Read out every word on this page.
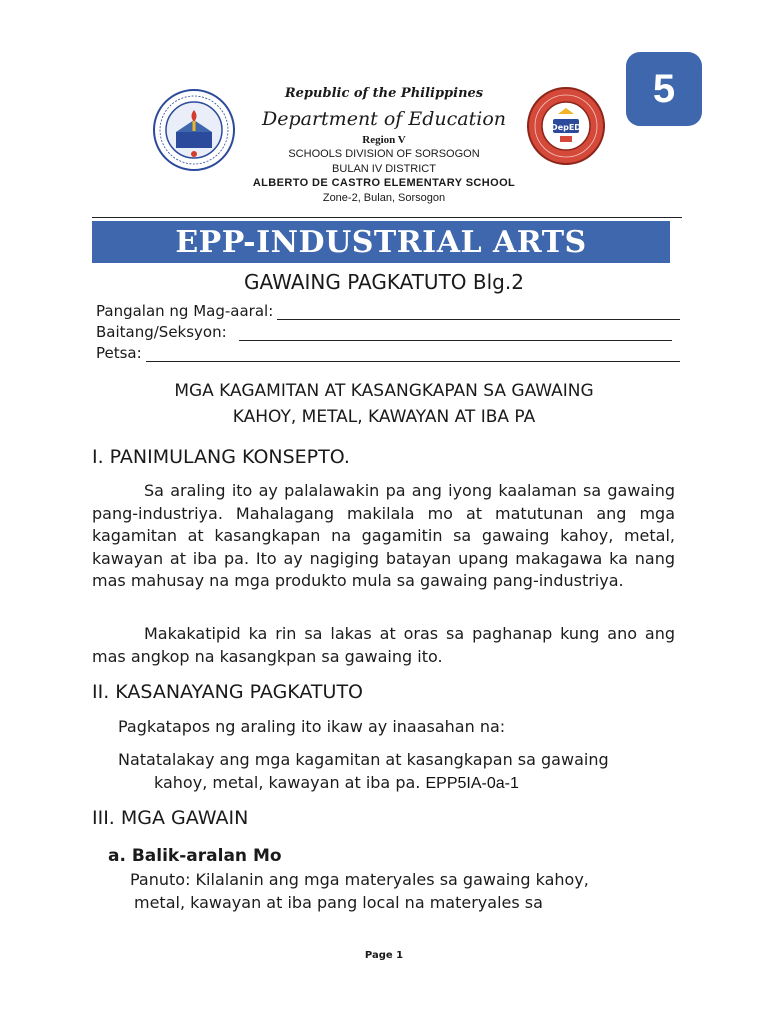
5
DepED
Republic of the Philippines
Department of Education
Region V
SCHOOLS DIVISION OF SORSOGON
BULAN IV DISTRICT
ALBERTO DE CASTRO ELEMENTARY SCHOOL
Zone-2, Bulan, Sorsogon
EPP-INDUSTRIAL ARTS
GAWAING PAGKATUTO Blg.2
Pangalan ng Mag-aaral:
Baitang/Seksyon:
Petsa:
MGA KAGAMITAN AT KASANGKAPAN SA GAWAING
KAHOY, METAL, KAWAYAN AT IBA PA
I. PANIMULANG KONSEPTO.
Sa araling ito ay palalawakin pa ang iyong kaalaman sa gawaing pang-industriya. Mahalagang makilala mo at matutunan ang mga kagamitan at kasangkapan na gagamitin sa gawaing kahoy, metal, kawayan at iba pa. Ito ay nagiging batayan upang makagawa ka nang mas mahusay na mga produkto mula sa gawaing pang-industriya.
Makakatipid ka rin sa lakas at oras sa paghanap kung ano ang mas angkop na kasangkpan sa gawaing ito.
II. KASANAYANG PAGKATUTO
Pagkatapos ng araling ito ikaw ay inaasahan na:
Natatalakay ang mga kagamitan at kasangkapan sa gawaing
kahoy, metal, kawayan at iba pa. EPP5IA-0a-1
III. MGA GAWAIN
a. Balik-aralan Mo
Panuto: Kilalanin ang mga materyales sa gawaing kahoy,
metal, kawayan at iba pang local na materyales sa
Page 1
